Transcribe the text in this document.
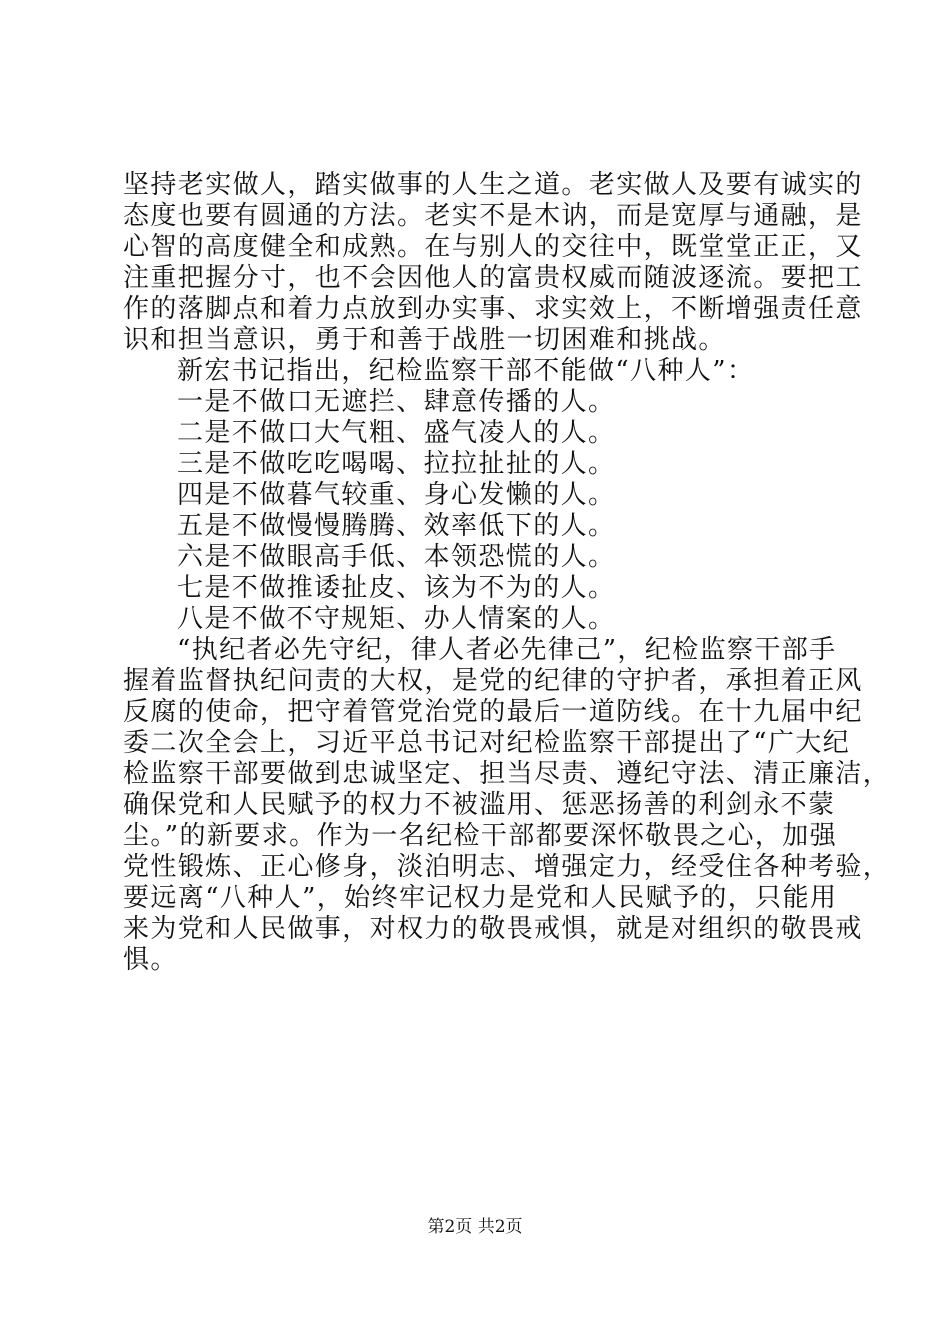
坚持老实做人，踏实做事的人生之道。老实做人及要有诚实的
态度也要有圆通的方法。老实不是木讷，而是宽厚与通融，是
心智的高度健全和成熟。在与别人的交往中，既堂堂正正，又
注重把握分寸，也不会因他人的富贵权威而随波逐流。要把工
作的落脚点和着力点放到办实事、求实效上，不断增强责任意
识和担当意识，勇于和善于战胜一切困难和挑战。
新宏书记指出，纪检监察干部不能做“八种人”：
一是不做口无遮拦、肆意传播的人。
二是不做口大气粗、盛气凌人的人。
三是不做吃吃喝喝、拉拉扯扯的人。
四是不做暮气较重、身心发懒的人。
五是不做慢慢腾腾、效率低下的人。
六是不做眼高手低、本领恐慌的人。
七是不做推诿扯皮、该为不为的人。
八是不做不守规矩、办人情案的人。
“执纪者必先守纪，律人者必先律己”，纪检监察干部手
握着监督执纪问责的大权，是党的纪律的守护者，承担着正风
反腐的使命，把守着管党治党的最后一道防线。在十九届中纪
委二次全会上，习近平总书记对纪检监察干部提出了“广大纪
检监察干部要做到忠诚坚定、担当尽责、遵纪守法、清正廉洁，
确保党和人民赋予的权力不被滥用、惩恶扬善的利剑永不蒙
尘。”的新要求。作为一名纪检干部都要深怀敬畏之心，加强
党性锻炼、正心修身，淡泊明志、增强定力，经受住各种考验，
要远离“八种人”，始终牢记权力是党和人民赋予的，只能用
来为党和人民做事，对权力的敬畏戒惧，就是对组织的敬畏戒
惧。
第2页 共2页
